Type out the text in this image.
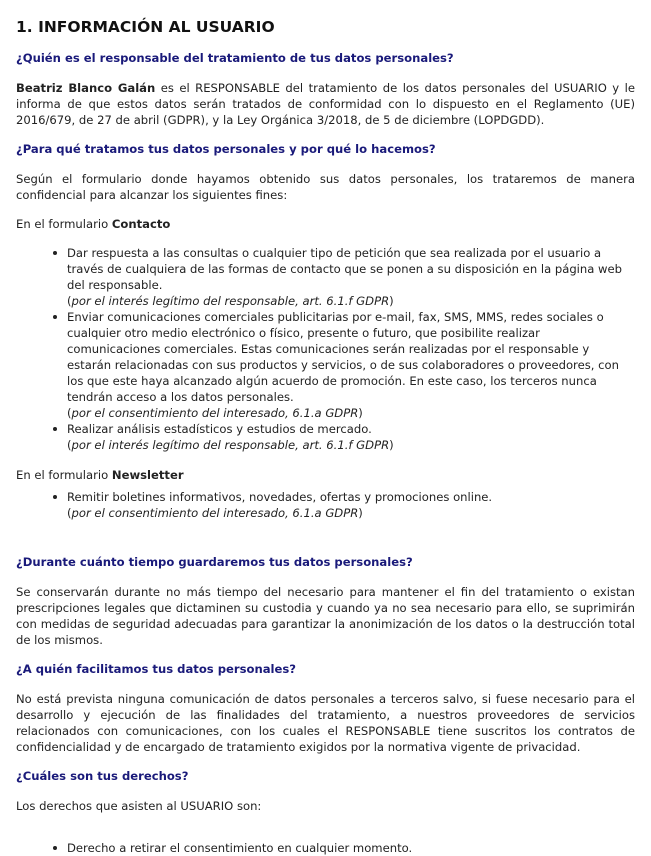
1. INFORMACIÓN AL USUARIO
¿Quién es el responsable del tratamiento de tus datos personales?

Beatriz Blanco Galán es el RESPONSABLE del tratamiento de los datos personales del USUARIO y le informa de que estos datos serán tratados de conformidad con lo dispuesto en el Reglamento (UE) 2016/679, de 27 de abril (GDPR), y la Ley Orgánica 3/2018, de 5 de diciembre (LOPDGDD).

¿Para qué tratamos tus datos personales y por qué lo hacemos?

Según el formulario donde hayamos obtenido sus datos personales, los trataremos de manera confidencial para alcanzar los siguientes fines:

En el formulario Contacto

Dar respuesta a las consultas o cualquier tipo de petición que sea realizada por el usuario a través de cualquiera de las formas de contacto que se ponen a su disposición en la página web del responsable.
(por el interés legítimo del responsable, art. 6.1.f GDPR)
Enviar comunicaciones comerciales publicitarias por e-mail, fax, SMS, MMS, redes sociales o cualquier otro medio electrónico o físico, presente o futuro, que posibilite realizar comunicaciones comerciales. Estas comunicaciones serán realizadas por el responsable y estarán relacionadas con sus productos y servicios, o de sus colaboradores o proveedores, con los que este haya alcanzado algún acuerdo de promoción. En este caso, los terceros nunca tendrán acceso a los datos personales.
(por el consentimiento del interesado, 6.1.a GDPR)
Realizar análisis estadísticos y estudios de mercado.
(por el interés legítimo del responsable, art. 6.1.f GDPR)

En el formulario Newsletter

Remitir boletines informativos, novedades, ofertas y promociones online.
(por el consentimiento del interesado, 6.1.a GDPR)
¿Durante cuánto tiempo guardaremos tus datos personales?

Se conservarán durante no más tiempo del necesario para mantener el fin del tratamiento o existan prescripciones legales que dictaminen su custodia y cuando ya no sea necesario para ello, se suprimirán con medidas de seguridad adecuadas para garantizar la anonimización de los datos o la destrucción total de los mismos.

¿A quién facilitamos tus datos personales?

No está prevista ninguna comunicación de datos personales a terceros salvo, si fuese necesario para el desarrollo y ejecución de las finalidades del tratamiento, a nuestros proveedores de servicios relacionados con comunicaciones, con los cuales el RESPONSABLE tiene suscritos los contratos de confidencialidad y de encargado de tratamiento exigidos por la normativa vigente de privacidad.

¿Cuáles son tus derechos?

Los derechos que asisten al USUARIO son:

Derecho a retirar el consentimiento en cualquier momento.
